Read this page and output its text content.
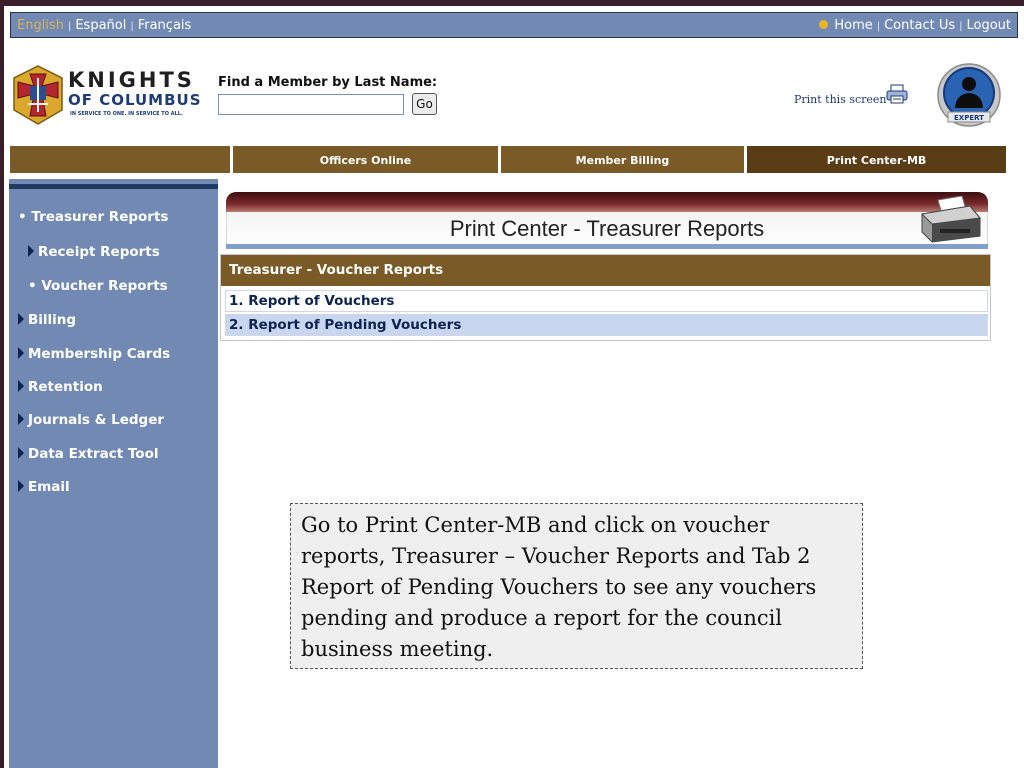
English | Español | Français	Home | Contact Us | Logout
KNIGHTS
OF COLUMBUS
IN SERVICE TO ONE. IN SERVICE TO ALL.
Find a Member by Last Name:
Go	Print this screen
EXPERT
Officers Online	Member Billing	Print Center-MB
• Treasurer Reports
Receipt Reports
• Voucher Reports
Billing
Membership Cards
Retention
Journals & Ledger
Data Extract Tool
Email
Print Center - Treasurer Reports
Treasurer - Voucher Reports
1. Report of Vouchers
2. Report of Pending Vouchers
Go to Print Center-MB and click on voucher reports, Treasurer – Voucher Reports and Tab 2 Report of Pending Vouchers to see any vouchers pending and produce a report for the council business meeting.
